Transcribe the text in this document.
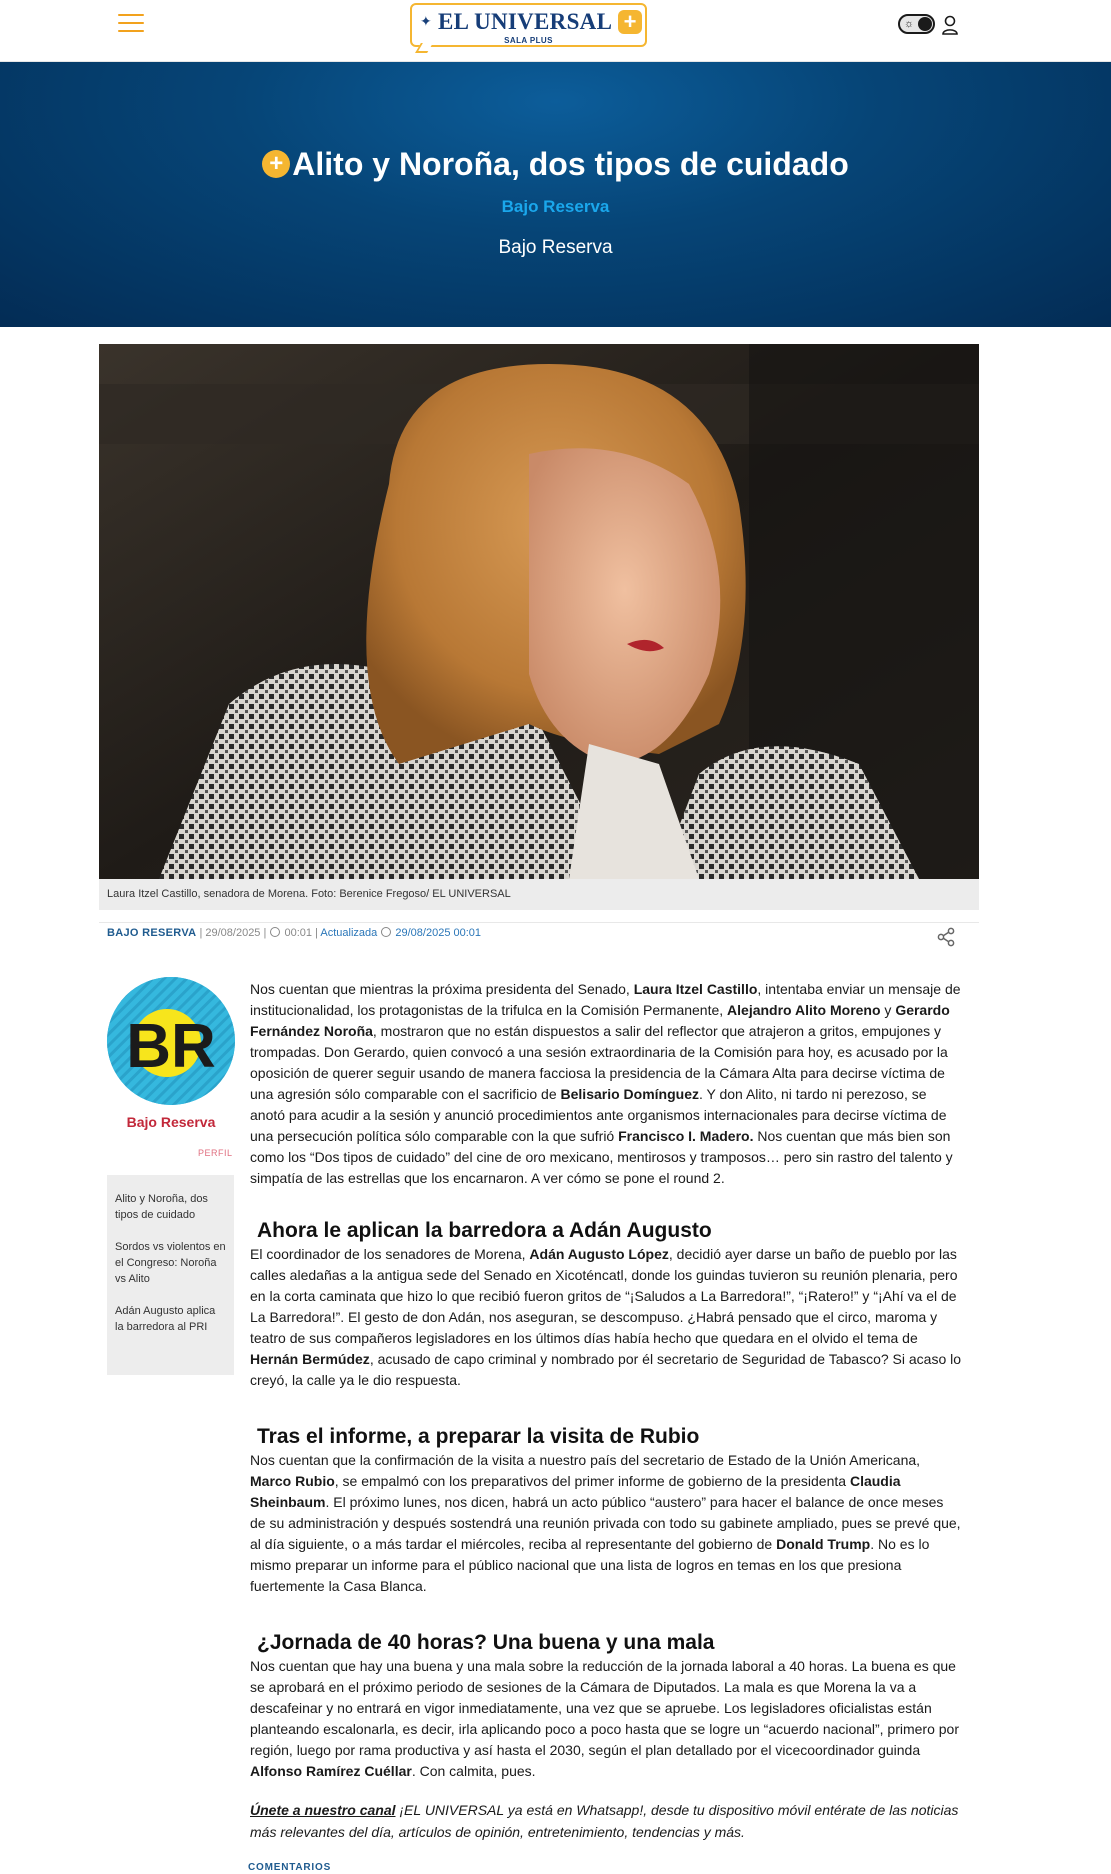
✦ EL UNIVERSAL +
SALA PLUS
☼
+ Alito y Noroña, dos tipos de cuidado
Bajo Reserva
Bajo Reserva
Laura Itzel Castillo, senadora de Morena. Foto: Berenice Fregoso/ EL UNIVERSAL
BAJO RESERVA | 29/08/2025 |  00:01 | Actualizada 29/08/2025 00:01
BR
Bajo Reserva
PERFIL
Alito y Noroña, dos tipos de cuidado
Sordos vs violentos en el Congreso: Noroña vs Alito
Adán Augusto aplica la barredora al PRI

Nos cuentan que mientras la próxima presidenta del Senado, Laura Itzel Castillo, intentaba enviar un mensaje de institucionalidad, los protagonistas de la trifulca en la Comisión Permanente, Alejandro Alito Moreno y Gerardo Fernández Noroña, mostraron que no están dispuestos a salir del reflector que atrajeron a gritos, empujones y trompadas. Don Gerardo, quien convocó a una sesión extraordinaria de la Comisión para hoy, es acusado por la oposición de querer seguir usando de manera facciosa la presidencia de la Cámara Alta para decirse víctima de una agresión sólo comparable con el sacrificio de Belisario Domínguez. Y don Alito, ni tardo ni perezoso, se anotó para acudir a la sesión y anunció procedimientos ante organismos internacionales para decirse víctima de una persecución política sólo comparable con la que sufrió Francisco I. Madero. Nos cuentan que más bien son como los “Dos tipos de cuidado” del cine de oro mexicano, mentirosos y tramposos… pero sin rastro del talento y simpatía de las estrellas que los encarnaron. A ver cómo se pone el round 2.

Ahora le aplican la barredora a Adán Augusto

El coordinador de los senadores de Morena, Adán Augusto López, decidió ayer darse un baño de pueblo por las calles aledañas a la antigua sede del Senado en Xicoténcatl, donde los guindas tuvieron su reunión plenaria, pero en la corta caminata que hizo lo que recibió fueron gritos de “¡Saludos a La Barredora!”, “¡Ratero!” y “¡Ahí va el de La Barredora!”. El gesto de don Adán, nos aseguran, se descompuso. ¿Habrá pensado que el circo, maroma y teatro de sus compañeros legisladores en los últimos días había hecho que quedara en el olvido el tema de Hernán Bermúdez, acusado de capo criminal y nombrado por él secretario de Seguridad de Tabasco? Si acaso lo creyó, la calle ya le dio respuesta.

Tras el informe, a preparar la visita de Rubio

Nos cuentan que la confirmación de la visita a nuestro país del secretario de Estado de la Unión Americana, Marco Rubio, se empalmó con los preparativos del primer informe de gobierno de la presidenta Claudia Sheinbaum. El próximo lunes, nos dicen, habrá un acto público “austero” para hacer el balance de once meses de su administración y después sostendrá una reunión privada con todo su gabinete ampliado, pues se prevé que, al día siguiente, o a más tardar el miércoles, reciba al representante del gobierno de Donald Trump. No es lo mismo preparar un informe para el público nacional que una lista de logros en temas en los que presiona fuertemente la Casa Blanca.

¿Jornada de 40 horas? Una buena y una mala

Nos cuentan que hay una buena y una mala sobre la reducción de la jornada laboral a 40 horas. La buena es que se aprobará en el próximo periodo de sesiones de la Cámara de Diputados. La mala es que Morena la va a descafeinar y no entrará en vigor inmediatamente, una vez que se apruebe. Los legisladores oficialistas están planteando escalonarla, es decir, irla aplicando poco a poco hasta que se logre un “acuerdo nacional”, primero por región, luego por rama productiva y así hasta el 2030, según el plan detallado por el vicecoordinador guinda Alfonso Ramírez Cuéllar. Con calmita, pues.

Únete a nuestro canal ¡EL UNIVERSAL ya está en Whatsapp!, desde tu dispositivo móvil entérate de las noticias más relevantes del día, artículos de opinión, entretenimiento, tendencias y más.
COMENTARIOS
